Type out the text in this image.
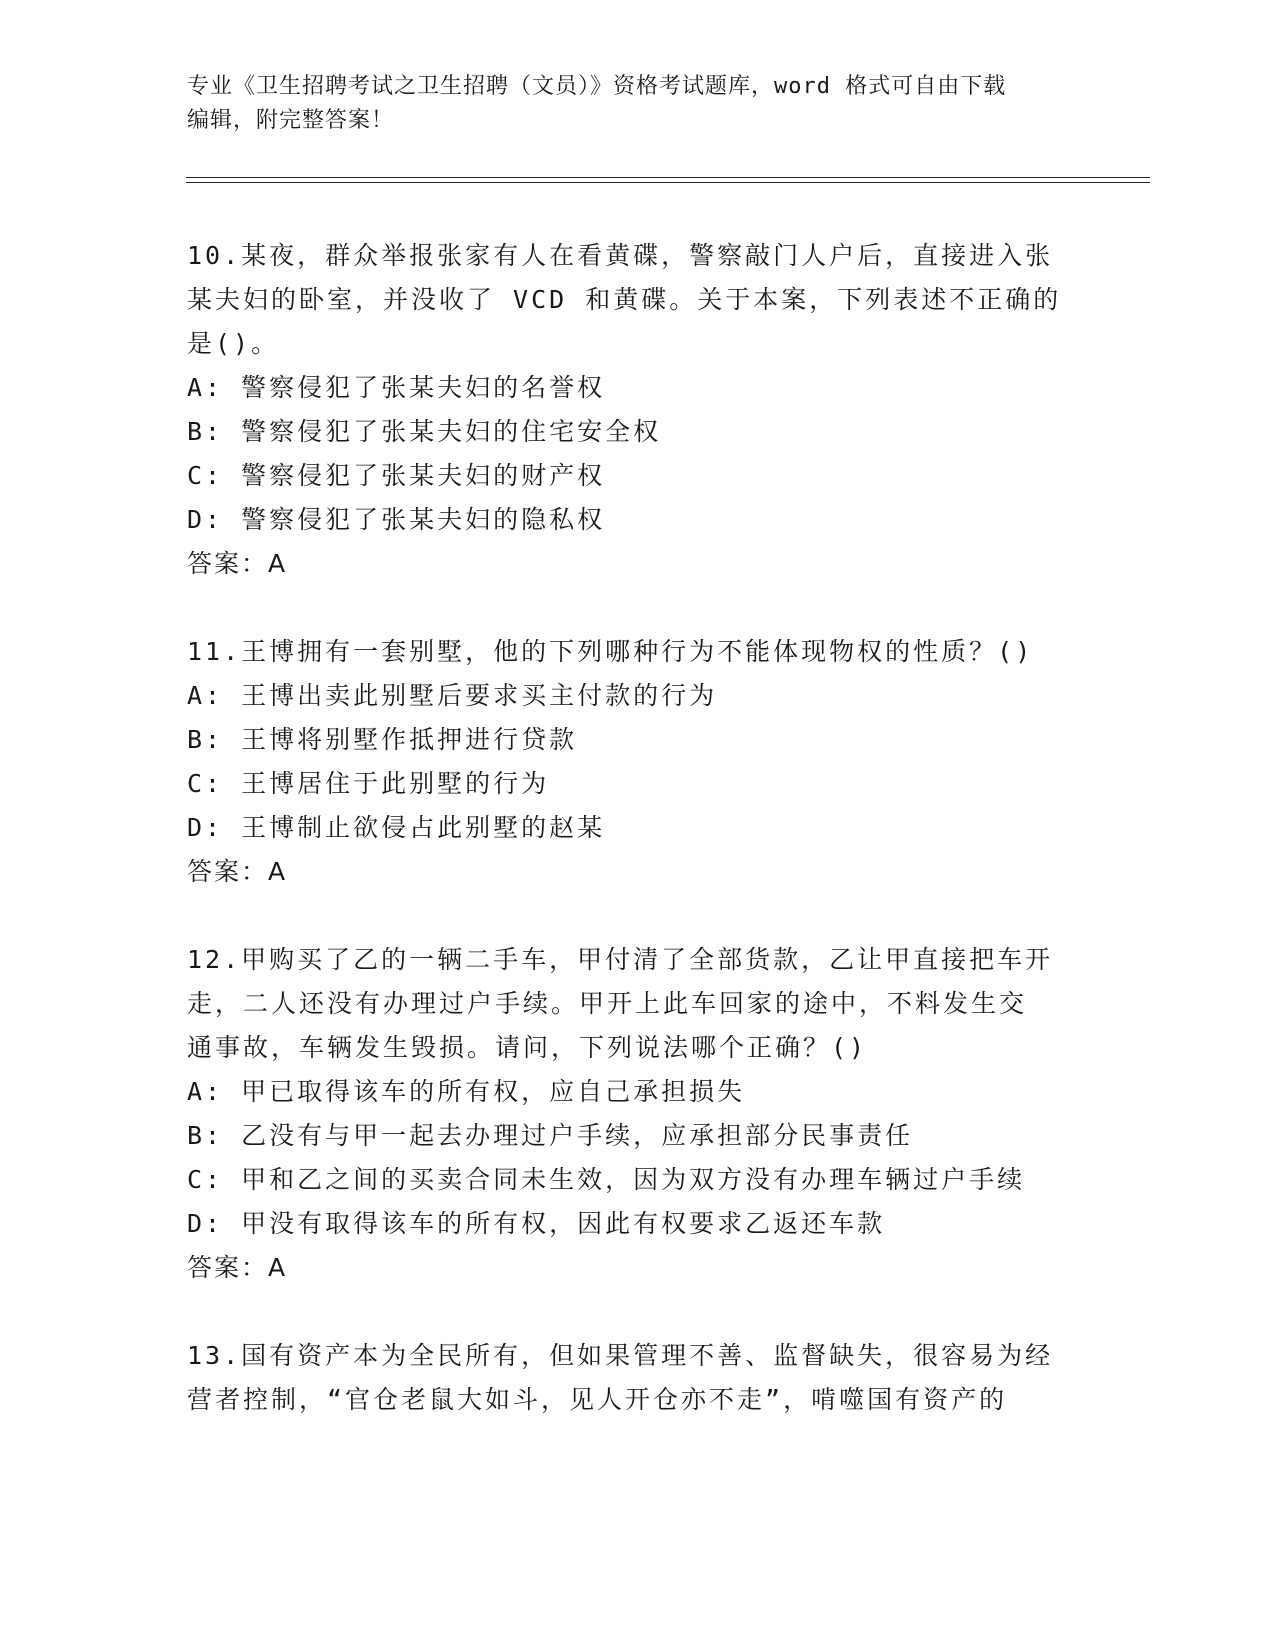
专业《卫生招聘考试之卫生招聘（文员）》资格考试题库，word 格式可自由下载
编辑，附完整答案！

10.某夜，群众举报张家有人在看黄碟，警察敲门人户后，直接进入张

某夫妇的卧室，并没收了 VCD 和黄碟。关于本案，下列表述不正确的

是()。

A: 警察侵犯了张某夫妇的名誉权

B: 警察侵犯了张某夫妇的住宅安全权

C: 警察侵犯了张某夫妇的财产权

D: 警察侵犯了张某夫妇的隐私权

答案：A

11.王博拥有一套别墅，他的下列哪种行为不能体现物权的性质？()

A: 王博出卖此别墅后要求买主付款的行为

B: 王博将别墅作抵押进行贷款

C: 王博居住于此别墅的行为

D: 王博制止欲侵占此别墅的赵某

答案：A

12.甲购买了乙的一辆二手车，甲付清了全部货款，乙让甲直接把车开

走，二人还没有办理过户手续。甲开上此车回家的途中，不料发生交

通事故，车辆发生毁损。请问，下列说法哪个正确？()

A: 甲已取得该车的所有权，应自己承担损失

B: 乙没有与甲一起去办理过户手续，应承担部分民事责任

C: 甲和乙之间的买卖合同未生效，因为双方没有办理车辆过户手续

D: 甲没有取得该车的所有权，因此有权要求乙返还车款

答案：A

13.国有资产本为全民所有，但如果管理不善、监督缺失，很容易为经

营者控制，“官仓老鼠大如斗，见人开仓亦不走”，啃噬国有资产的
